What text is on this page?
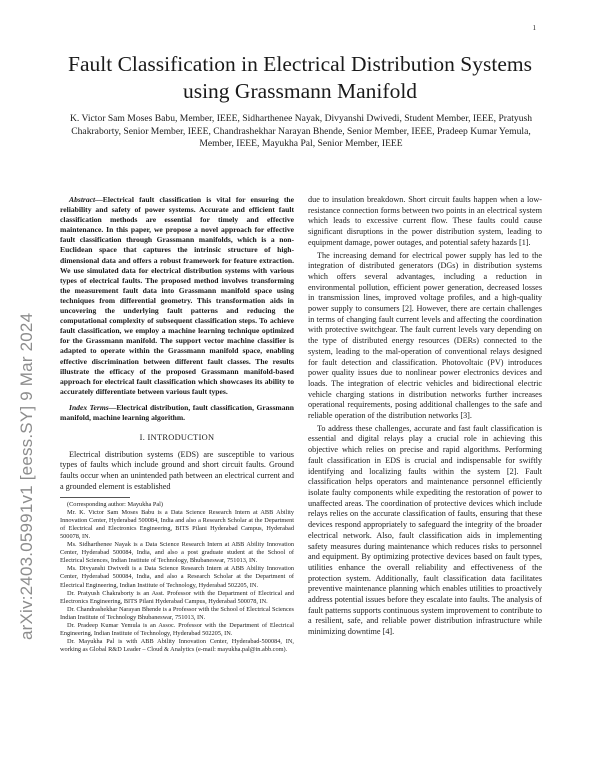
1
arXiv:2403.05991v1 [eess.SY] 9 Mar 2024
Fault Classification in Electrical Distribution Systems using Grassmann Manifold
K. Victor Sam Moses Babu, Member, IEEE, Sidharthenee Nayak, Divyanshi Dwivedi, Student Member, IEEE, Pratyush Chakraborty, Senior Member, IEEE, Chandrashekhar Narayan Bhende, Senior Member, IEEE, Pradeep Kumar Yemula, Member, IEEE, Mayukha Pal, Senior Member, IEEE

Abstract—Electrical fault classification is vital for ensuring the reliability and safety of power systems. Accurate and efficient fault classification methods are essential for timely and effective maintenance. In this paper, we propose a novel approach for effective fault classification through Grassmann manifolds, which is a non-Euclidean space that captures the intrinsic structure of high-dimensional data and offers a robust framework for feature extraction. We use simulated data for electrical distribution systems with various types of electrical faults. The proposed method involves transforming the measurement fault data into Grassmann manifold space using techniques from differential geometry. This transformation aids in uncovering the underlying fault patterns and reducing the computational complexity of subsequent classification steps. To achieve fault classification, we employ a machine learning technique optimized for the Grassmann manifold. The support vector machine classifier is adapted to operate within the Grassmann manifold space, enabling effective discrimination between different fault classes. The results illustrate the efficacy of the proposed Grassmann manifold-based approach for electrical fault classification which showcases its ability to accurately differentiate between various fault types.

Index Terms—Electrical distribution, fault classification, Grassmann manifold, machine learning algorithm.

I. INTRODUCTION

Electrical distribution systems (EDS) are susceptible to various types of faults which include ground and short circuit faults. Ground faults occur when an unintended path between an electrical current and a grounded element is established

(Corresponding author: Mayukha Pal)

Mr. K. Victor Sam Moses Babu is a Data Science Research Intern at ABB Ability Innovation Center, Hyderabad 500084, India and also a Research Scholar at the Department of Electrical and Electronics Engineering, BITS Pilani Hyderabad Campus, Hyderabad 500078, IN.

Ms. Sidharthenee Nayak is a Data Science Research Intern at ABB Ability Innovation Center, Hyderabad 500084, India, and also a post graduate student at the School of Electrical Sciences, Indian Institute of Technology, Bhubaneswar, 751013, IN.

Ms. Divyanshi Dwivedi is a Data Science Research Intern at ABB Ability Innovation Center, Hyderabad 500084, India, and also a Research Scholar at the Department of Electrical Engineering, Indian Institute of Technology, Hyderabad 502205, IN.

Dr. Pratyush Chakraborty is an Asst. Professor with the Department of Electrical and Electronics Engineering, BITS Pilani Hyderabad Campus, Hyderabad 500078, IN.

Dr. Chandrashekhar Narayan Bhende is a Professor with the School of Electrical Sciences Indian Institute of Technology Bhubaneswar, 751013, IN.

Dr. Pradeep Kumar Yemula is an Assoc. Professor with the Department of Electrical Engineering, Indian Institute of Technology, Hyderabad 502205, IN.

Dr. Mayukha Pal is with ABB Ability Innovation Center, Hyderabad-500084, IN, working as Global R&D Leader – Cloud & Analytics (e-mail: mayukha.pal@in.abb.com).

due to insulation breakdown. Short circuit faults happen when a low-resistance connection forms between two points in an electrical system which leads to excessive current flow. These faults could cause significant disruptions in the power distribution system, leading to equipment damage, power outages, and potential safety hazards [1].

The increasing demand for electrical power supply has led to the integration of distributed generators (DGs) in distribution systems which offers several advantages, including a reduction in environmental pollution, efficient power generation, decreased losses in transmission lines, improved voltage profiles, and a high-quality power supply to consumers [2]. However, there are certain challenges in terms of changing fault current levels and affecting the coordination with protective switchgear. The fault current levels vary depending on the type of distributed energy resources (DERs) connected to the system, leading to the mal-operation of conventional relays designed for fault detection and classification. Photovoltaic (PV) introduces power quality issues due to nonlinear power electronics devices and loads. The integration of electric vehicles and bidirectional electric vehicle charging stations in distribution networks further increases operational requirements, posing additional challenges to the safe and reliable operation of the distribution networks [3].

To address these challenges, accurate and fast fault classification is essential and digital relays play a crucial role in achieving this objective which relies on precise and rapid algorithms. Performing fault classification in EDS is crucial and indispensable for swiftly identifying and localizing faults within the system [2]. Fault classification helps operators and maintenance personnel efficiently isolate faulty components while expediting the restoration of power to unaffected areas. The coordination of protective devices which include relays relies on the accurate classification of faults, ensuring that these devices respond appropriately to safeguard the integrity of the broader electrical network. Also, fault classification aids in implementing safety measures during maintenance which reduces risks to personnel and equipment. By optimizing protective devices based on fault types, utilities enhance the overall reliability and effectiveness of the protection system. Additionally, fault classification data facilitates preventive maintenance planning which enables utilities to proactively address potential issues before they escalate into faults. The analysis of fault patterns supports continuous system improvement to contribute to a resilient, safe, and reliable power distribution infrastructure while minimizing downtime [4].
